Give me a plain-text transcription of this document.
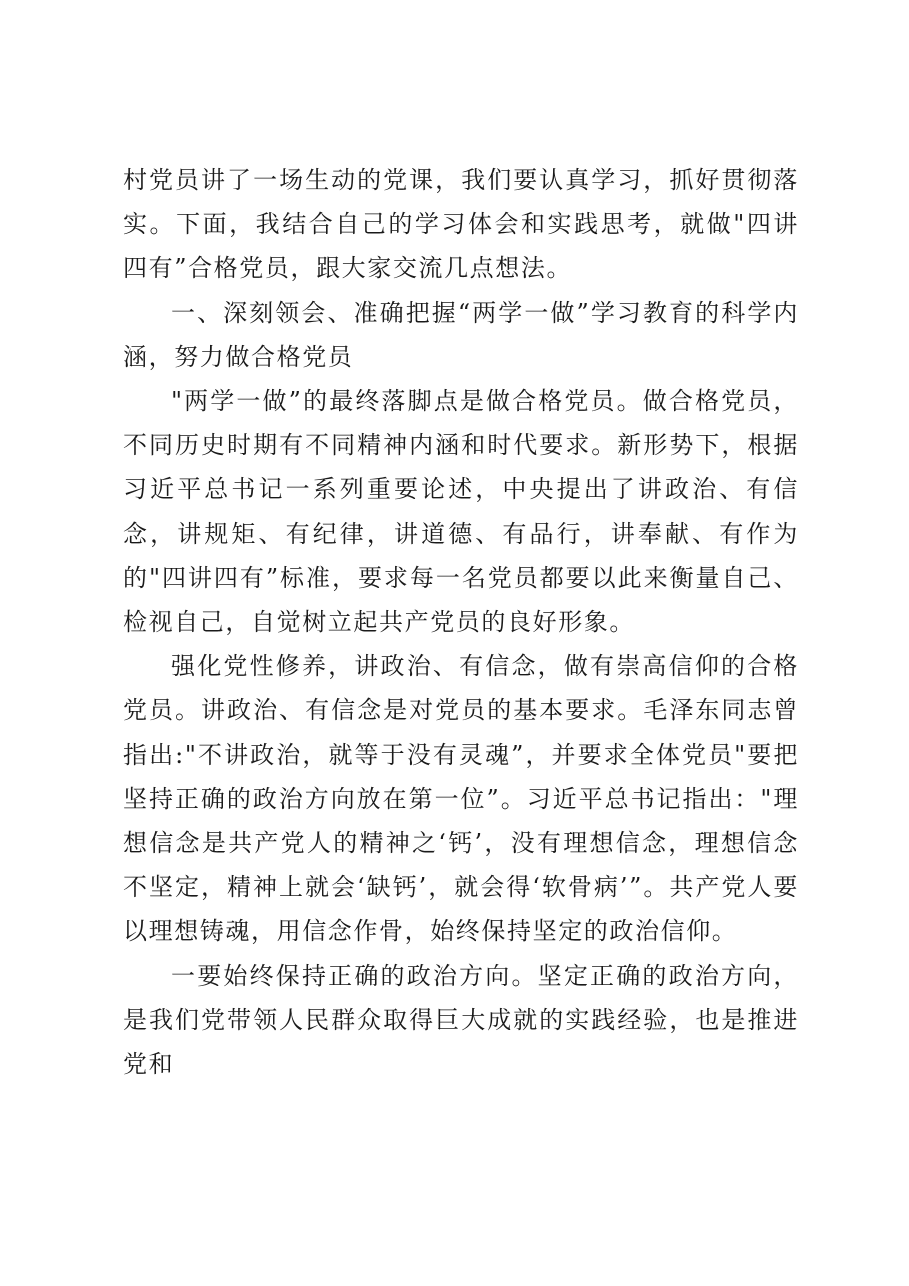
村党员讲了一场生动的党课，我们要认真学习，抓好贯彻落实。下面，我结合自己的学习体会和实践思考，就做"四讲四有”合格党员，跟大家交流几点想法。

一、深刻领会、准确把握“两学一做”学习教育的科学内涵，努力做合格党员

"两学一做”的最终落脚点是做合格党员。做合格党员，不同历史时期有不同精神内涵和时代要求。新形势下，根据习近平总书记一系列重要论述，中央提出了讲政治、有信念，讲规矩、有纪律，讲道德、有品行，讲奉献、有作为的"四讲四有”标准，要求每一名党员都要以此来衡量自己、检视自己，自觉树立起共产党员的良好形象。

强化党性修养，讲政治、有信念，做有崇高信仰的合格党员。讲政治、有信念是对党员的基本要求。毛泽东同志曾指出:"不讲政治，就等于没有灵魂”，并要求全体党员"要把坚持正确的政治方向放在第一位”。习近平总书记指出："理想信念是共产党人的精神之‘钙’，没有理想信念，理想信念不坚定，精神上就会‘缺钙’，就会得‘软骨病’”。共产党人要以理想铸魂，用信念作骨，始终保持坚定的政治信仰。

一要始终保持正确的政治方向。坚定正确的政治方向，是我们党带领人民群众取得巨大成就的实践经验，也是推进党和
